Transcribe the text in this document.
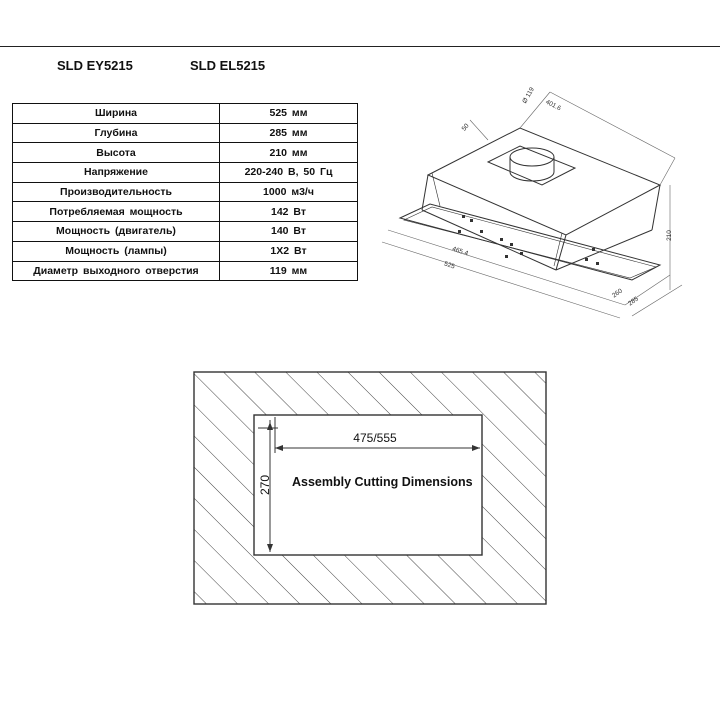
SLD EY5215	SLD EL5215
Ширина	525 мм
Глубина	285 мм
Высота	210 мм
Напряжение	220-240 В, 50 Гц
Производительность	1000 м3/ч
Потребляемая мощность	142 Вт
Мощность (двигатель)	140 Вт
Мощность (лампы)	1X2 Вт
Диаметр выходного отверстия	119 мм
401.6
Ø 119
50
210
465.4
525
260
285
475/555
270	Assembly Cutting Dimensions
